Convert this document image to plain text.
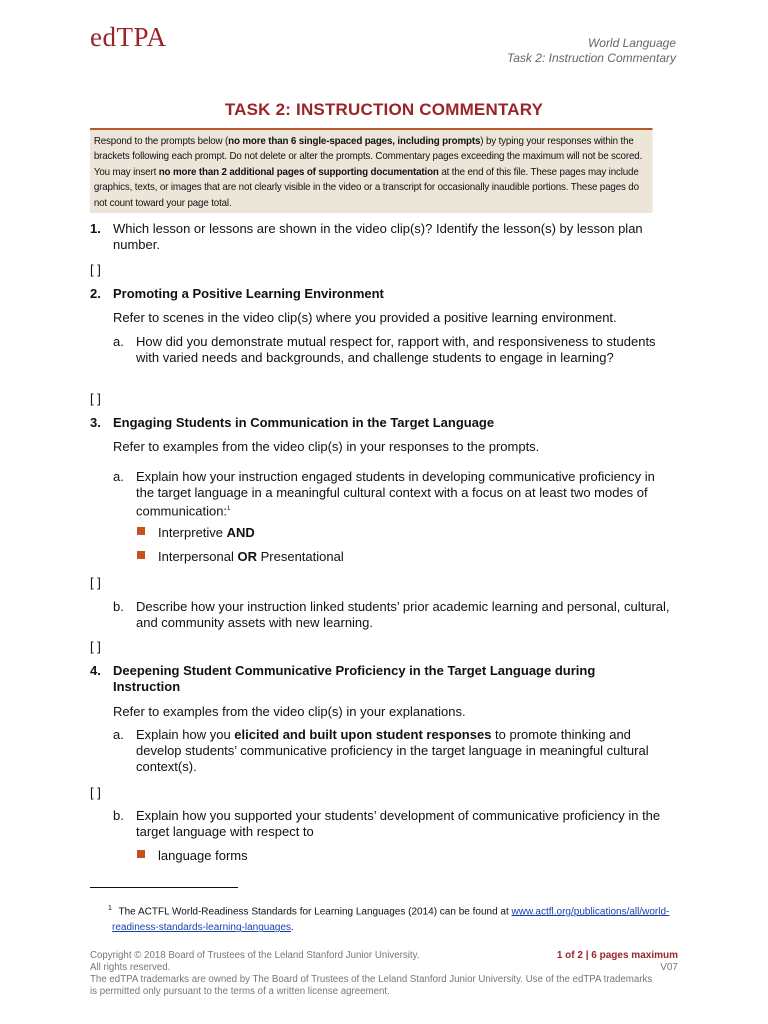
edTPA	World Language
Task 2: Instruction Commentary
TASK 2: INSTRUCTION COMMENTARY
Respond to the prompts below (no more than 6 single-spaced pages, including prompts) by typing your responses within the brackets following each prompt. Do not delete or alter the prompts. Commentary pages exceeding the maximum will not be scored. You may insert no more than 2 additional pages of supporting documentation at the end of this file. These pages may include graphics, texts, or images that are not clearly visible in the video or a transcript for occasionally inaudible portions. These pages do not count toward your page total.
1. Which lesson or lessons are shown in the video clip(s)? Identify the lesson(s) by lesson plan number.
[ ]
2. Promoting a Positive Learning Environment
Refer to scenes in the video clip(s) where you provided a positive learning environment.
a. How did you demonstrate mutual respect for, rapport with, and responsiveness to students with varied needs and backgrounds, and challenge students to engage in learning?
[ ]
3. Engaging Students in Communication in the Target Language
Refer to examples from the video clip(s) in your responses to the prompts.
a. Explain how your instruction engaged students in developing communicative proficiency in the target language in a meaningful cultural context with a focus on at least two modes of communication:$^1$
Interpretive AND
Interpersonal OR Presentational
[ ]
b. Describe how your instruction linked students’ prior academic learning and personal, cultural, and community assets with new learning.
[ ]
4. Deepening Student Communicative Proficiency in the Target Language during Instruction
Refer to examples from the video clip(s) in your explanations.
a. Explain how you elicited and built upon student responses to promote thinking and develop students’ communicative proficiency in the target language in meaningful cultural context(s).
[ ]
b. Explain how you supported your students’ development of communicative proficiency in the target language with respect to
language forms
$^1$ The ACTFL World-Readiness Standards for Learning Languages (2014) can be found at www.actfl.org/publications/all/world-readiness-standards-learning-languages.
Copyright © 2018 Board of Trustees of the Leland Stanford Junior University.
All rights reserved.
The edTPA trademarks are owned by The Board of Trustees of the Leland Stanford Junior University. Use of the edTPA trademarks is permitted only pursuant to the terms of a written license agreement.
1 of 2 | 6 pages maximum
V07
